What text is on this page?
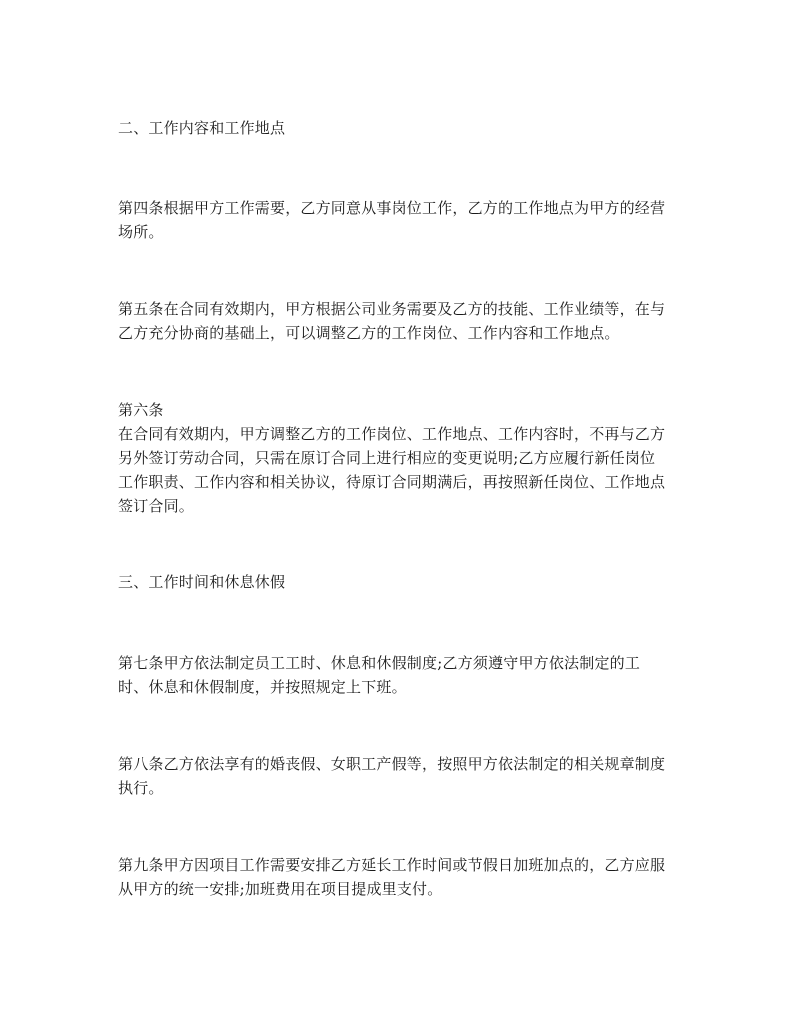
二、工作内容和工作地点
第四条根据甲方工作需要，乙方同意从事岗位工作，乙方的工作地点为甲方的经营
场所。
第五条在合同有效期内，甲方根据公司业务需要及乙方的技能、工作业绩等，在与
乙方充分协商的基础上，可以调整乙方的工作岗位、工作内容和工作地点。
第六条
在合同有效期内，甲方调整乙方的工作岗位、工作地点、工作内容时，不再与乙方
另外签订劳动合同，只需在原订合同上进行相应的变更说明;乙方应履行新任岗位
工作职责、工作内容和相关协议，待原订合同期满后，再按照新任岗位、工作地点
签订合同。
三、工作时间和休息休假
第七条甲方依法制定员工工时、休息和休假制度;乙方须遵守甲方依法制定的工
时、休息和休假制度，并按照规定上下班。
第八条乙方依法享有的婚丧假、女职工产假等，按照甲方依法制定的相关规章制度
执行。
第九条甲方因项目工作需要安排乙方延长工作时间或节假日加班加点的，乙方应服
从甲方的统一安排;加班费用在项目提成里支付。
